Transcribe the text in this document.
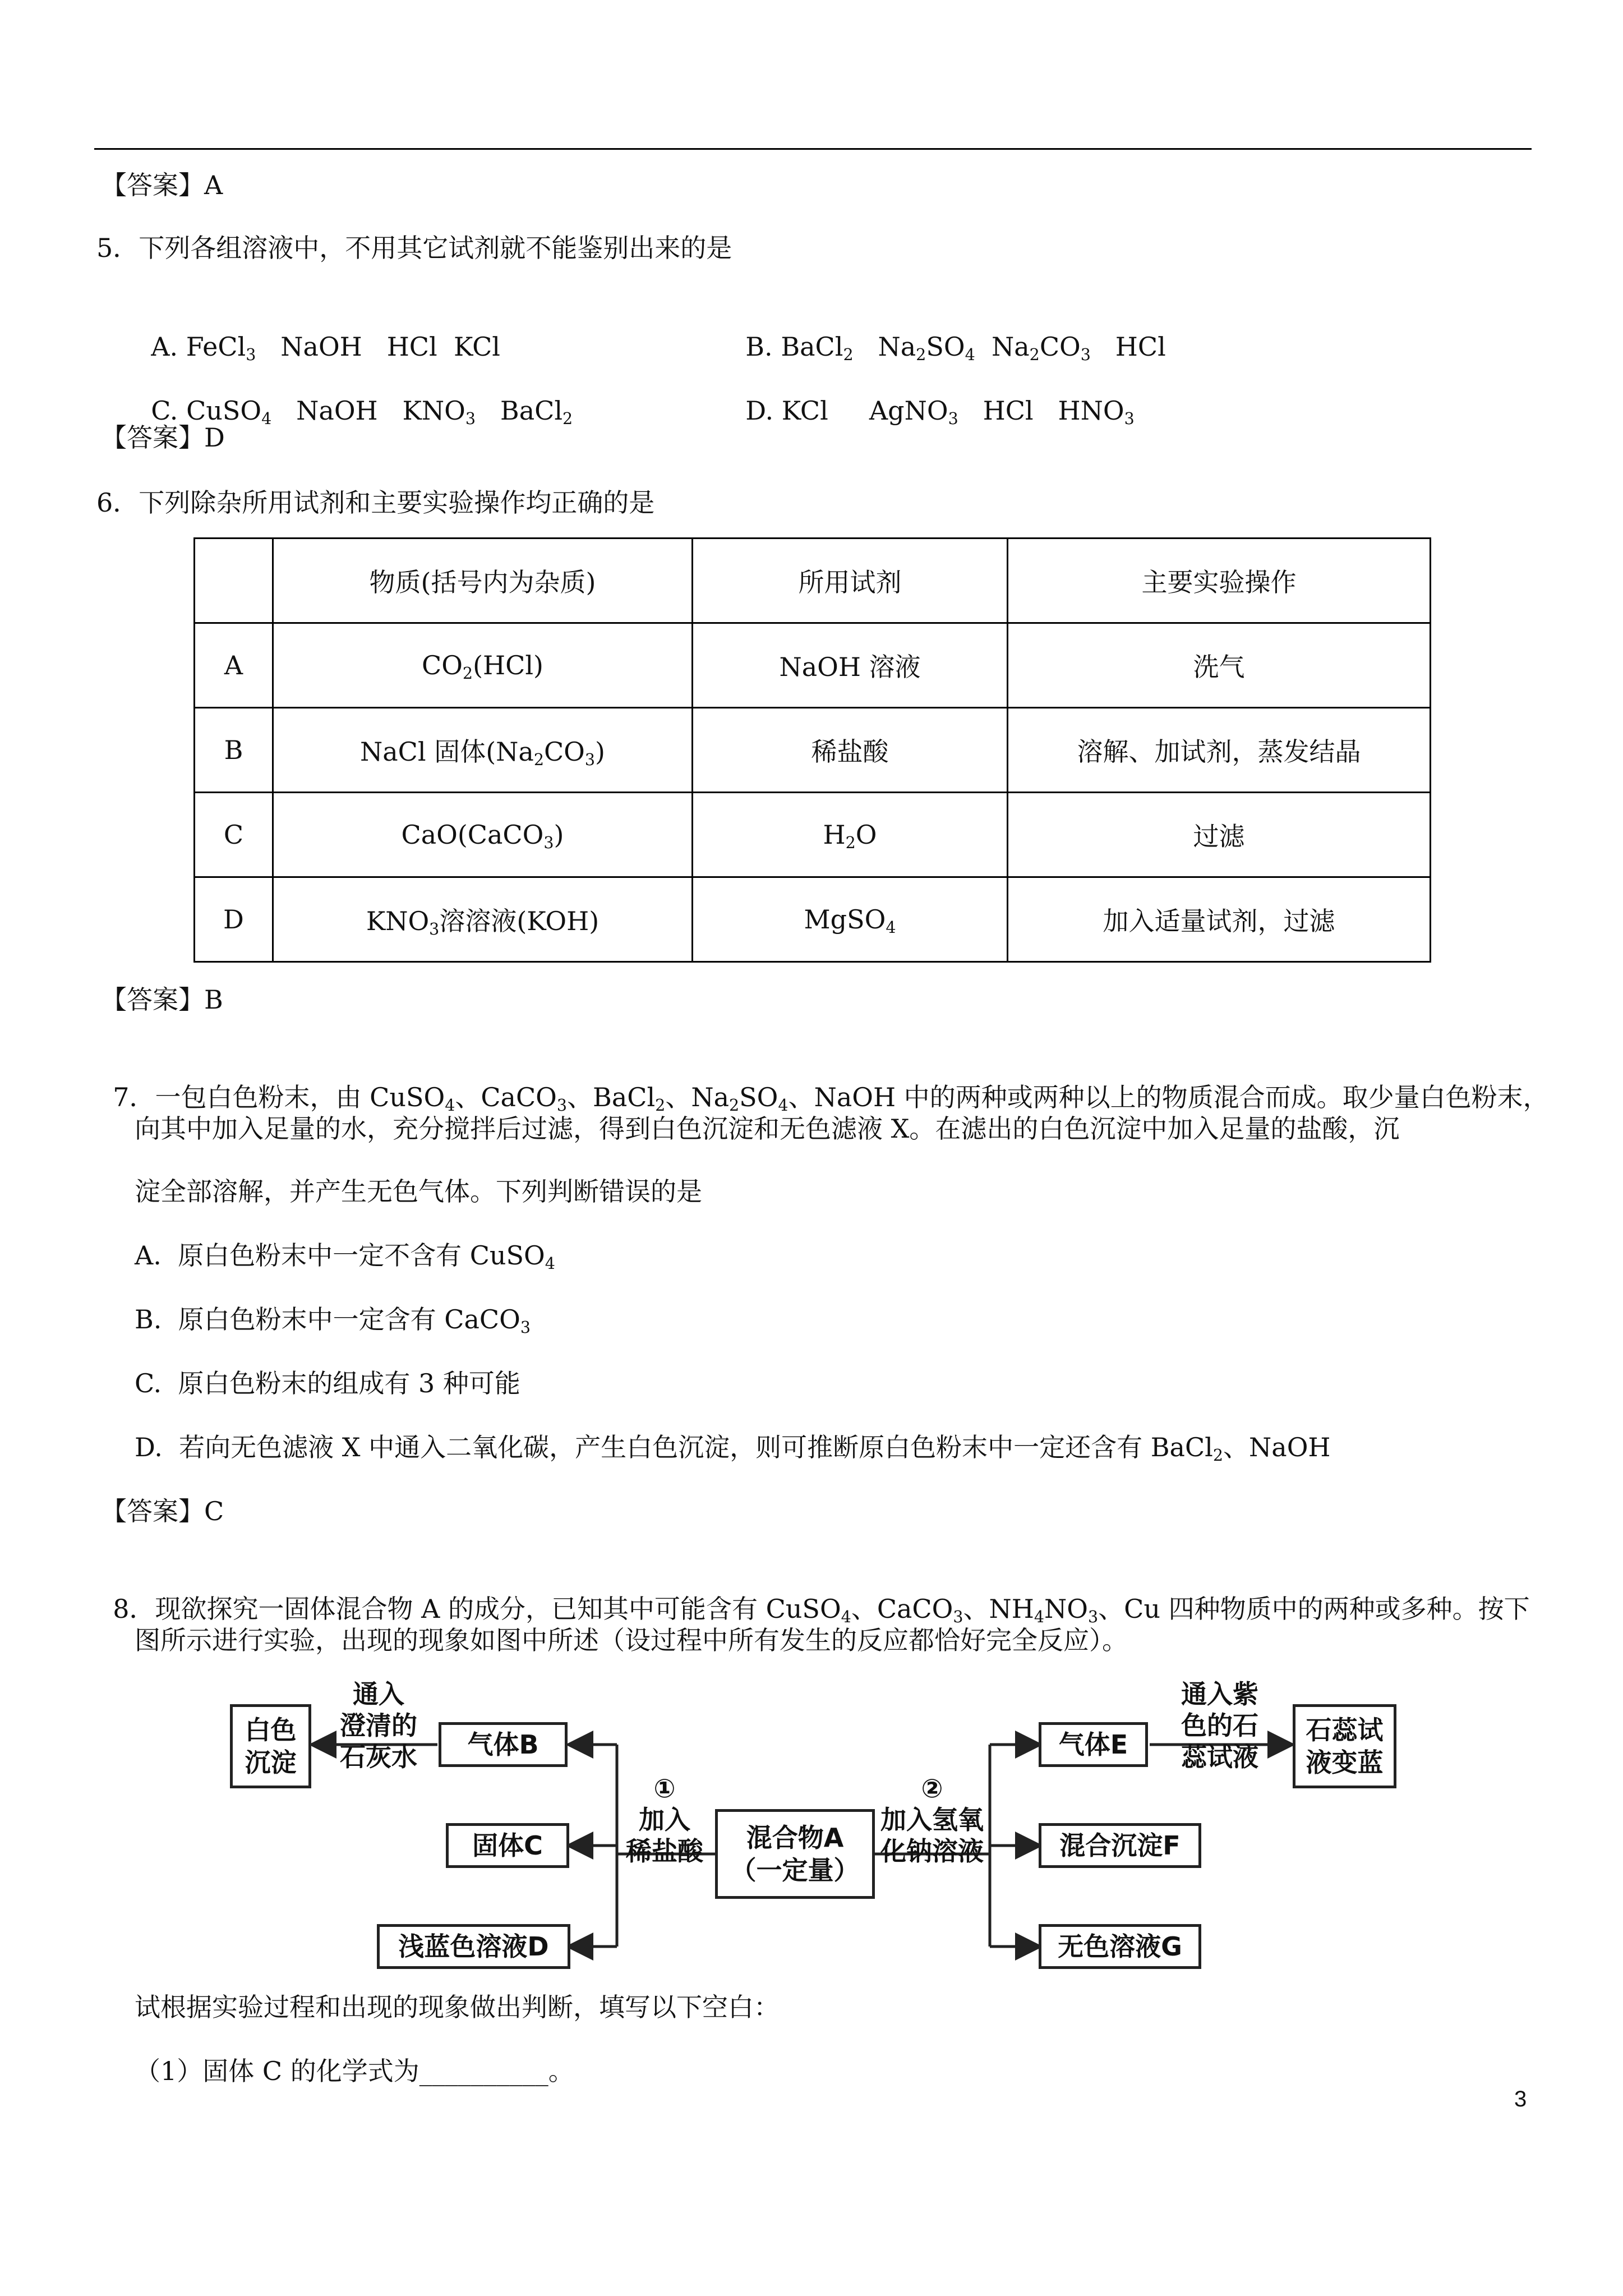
【答案】A
5．下列各组溶液中，不用其它试剂就不能鉴别出来的是

A. FeCl$_3$ NaOH HCl KCl	B. BaCl$_2$ $Na_2SO_4$ $Na_2CO_3$ HCl

C. CuSO$_4$ NaOH $KNO_3$ BaCl$_2$	D. KCl AgNO$_3$ HCl $HNO_3$

【答案】D
6．下列除杂所用试剂和主要实验操作均正确的是
	物质(括号内为杂质)	所用试剂	主要实验操作
A	$CO_2(HCl)$	NaOH 溶液	洗气
B	NaCl 固体$(Na_2CO_3)$	稀盐酸	溶解、加试剂，蒸发结晶
C	CaO(CaCO$_3$)	$H_2O$	过滤
D	$KNO_3$溶溶液(KOH)	MgSO$_4$	加入适量试剂，过滤
【答案】B

7．一包白色粉末，由 CuSO$_4$、CaCO$_3$、BaCl$_2$、$Na_2SO_4$、NaOH 中的两种或两种以上的物质混合而成。取少量白色粉末，

向其中加入足量的水，充分搅拌后过滤，得到白色沉淀和无色滤液 X。在滤出的白色沉淀中加入足量的盐酸，沉
淀全部溶解，并产生无色气体。下列判断错误的是
A.  原白色粉末中一定不含有 CuSO$_4$
B.  原白色粉末中一定含有 CaCO$_3$
C.  原白色粉末的组成有 3 种可能
D.  若向无色滤液 X 中通入二氧化碳，产生白色沉淀，则可推断原白色粉末中一定还含有 BaCl$_2$、NaOH
【答案】C

8．现欲探究一固体混合物 A 的成分，已知其中可能含有 CuSO$_4$、CaCO$_3$、$NH_4NO_3$、Cu 四种物质中的两种或多种。按下

图所示进行实验，出现的现象如图中所述（设过程中所有发生的反应都恰好完全反应）。
白色
沉淀
通入
澄清的
石灰水	气体B
固体C
浅蓝色溶液D
①
加入
稀盐酸	混合物A
（一定量）
②
加入氢氧
化钠溶液
气体E
混合沉淀F
无色溶液G
通入紫
色的石
蕊试液
石蕊试
液变蓝
试根据实验过程和出现的现象做出判断，填写以下空白：
（1）固体 C 的化学式为__________。
3
